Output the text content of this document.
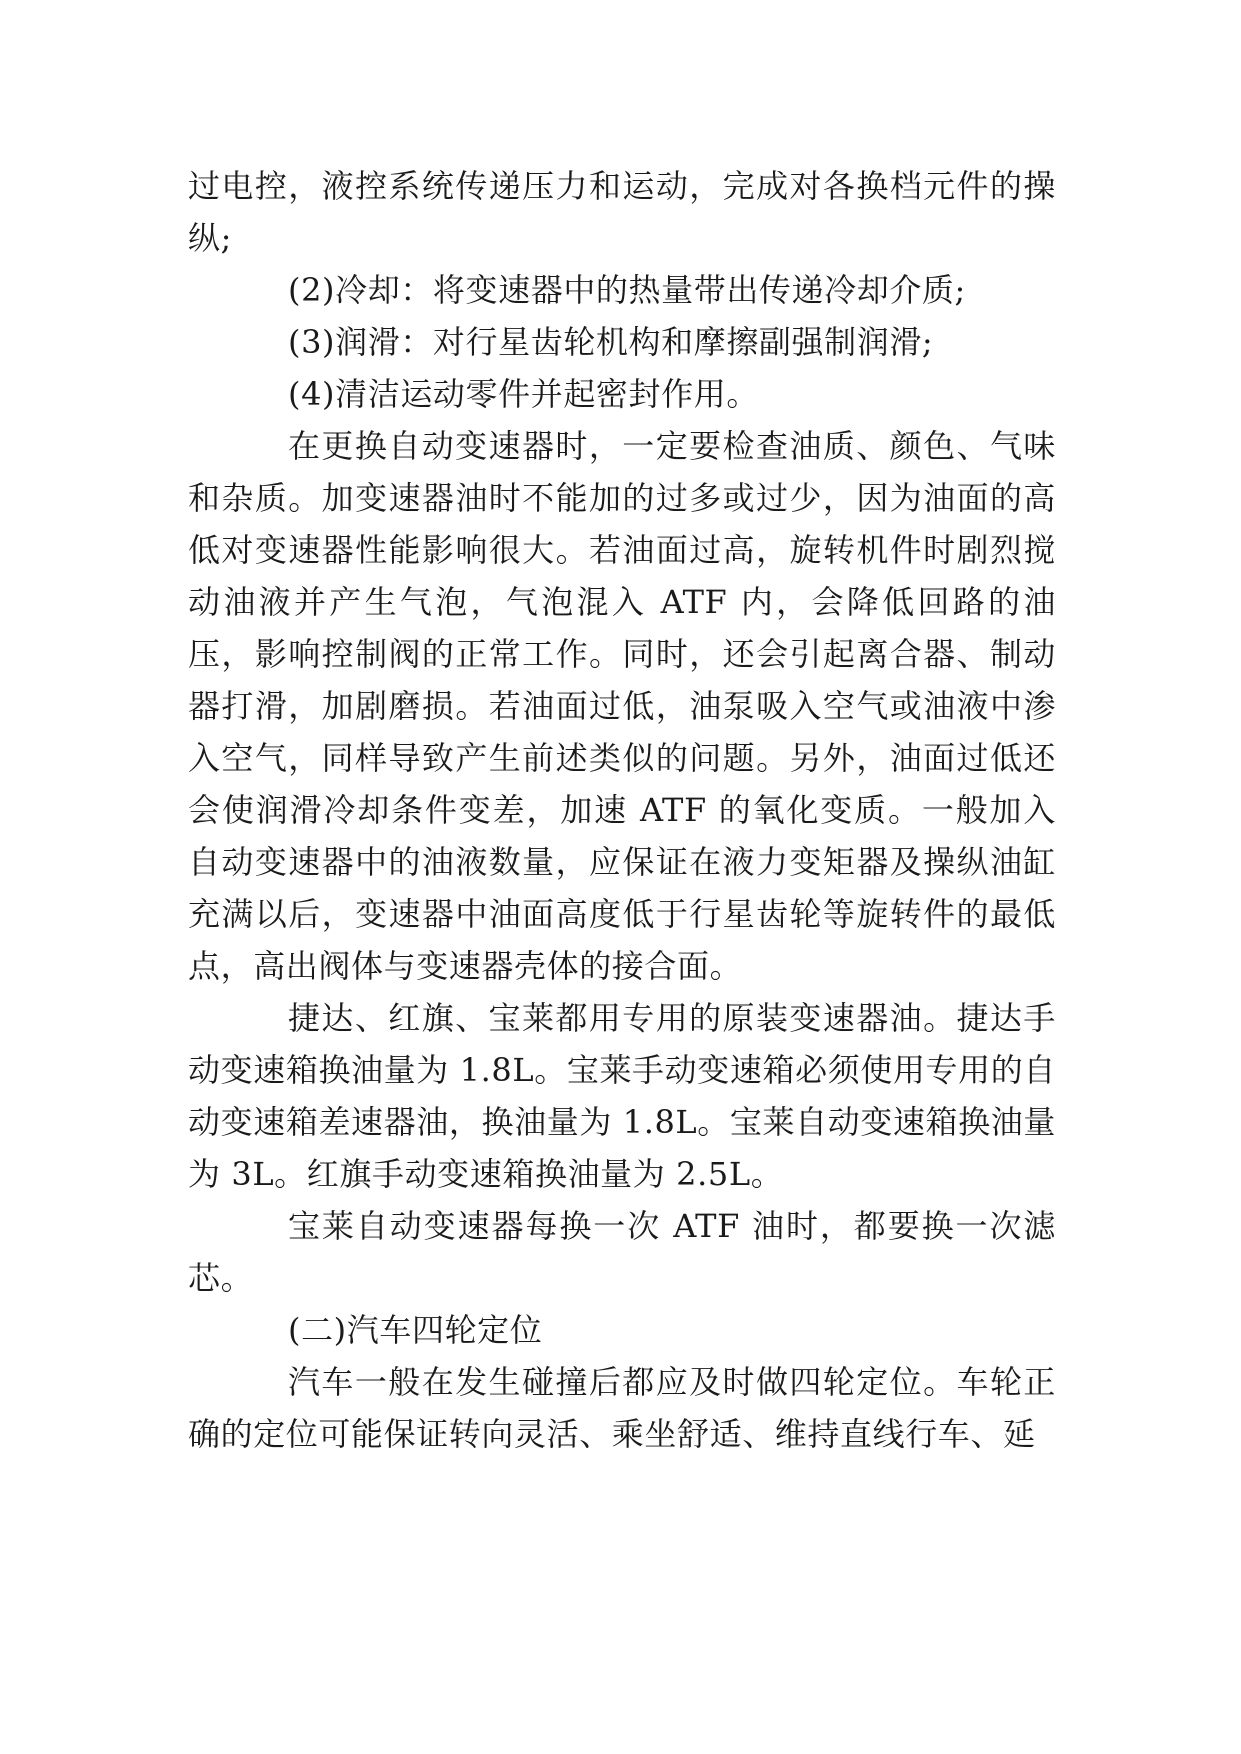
过电控，液控系统传递压力和运动，完成对各换档元件的操纵;

(2)冷却：将变速器中的热量带出传递冷却介质;

(3)润滑：对行星齿轮机构和摩擦副强制润滑;

(4)清洁运动零件并起密封作用。

在更换自动变速器时，一定要检查油质、颜色、气味和杂质。加变速器油时不能加的过多或过少，因为油面的高低对变速器性能影响很大。若油面过高，旋转机件时剧烈搅动油液并产生气泡，气泡混入 ATF 内，会降低回路的油压，影响控制阀的正常工作。同时，还会引起离合器、制动器打滑，加剧磨损。若油面过低，油泵吸入空气或油液中渗入空气，同样导致产生前述类似的问题。另外，油面过低还会使润滑冷却条件变差，加速 ATF 的氧化变质。一般加入自动变速器中的油液数量，应保证在液力变矩器及操纵油缸充满以后，变速器中油面高度低于行星齿轮等旋转件的最低点，高出阀体与变速器壳体的接合面。

捷达、红旗、宝莱都用专用的原装变速器油。捷达手动变速箱换油量为 1.8L。宝莱手动变速箱必须使用专用的自动变速箱差速器油，换油量为 1.8L。宝莱自动变速箱换油量为 3L。红旗手动变速箱换油量为 2.5L。

宝莱自动变速器每换一次 ATF 油时，都要换一次滤芯。

(二)汽车四轮定位

汽车一般在发生碰撞后都应及时做四轮定位。车轮正确的定位可能保证转向灵活、乘坐舒适、维持直线行车、延
